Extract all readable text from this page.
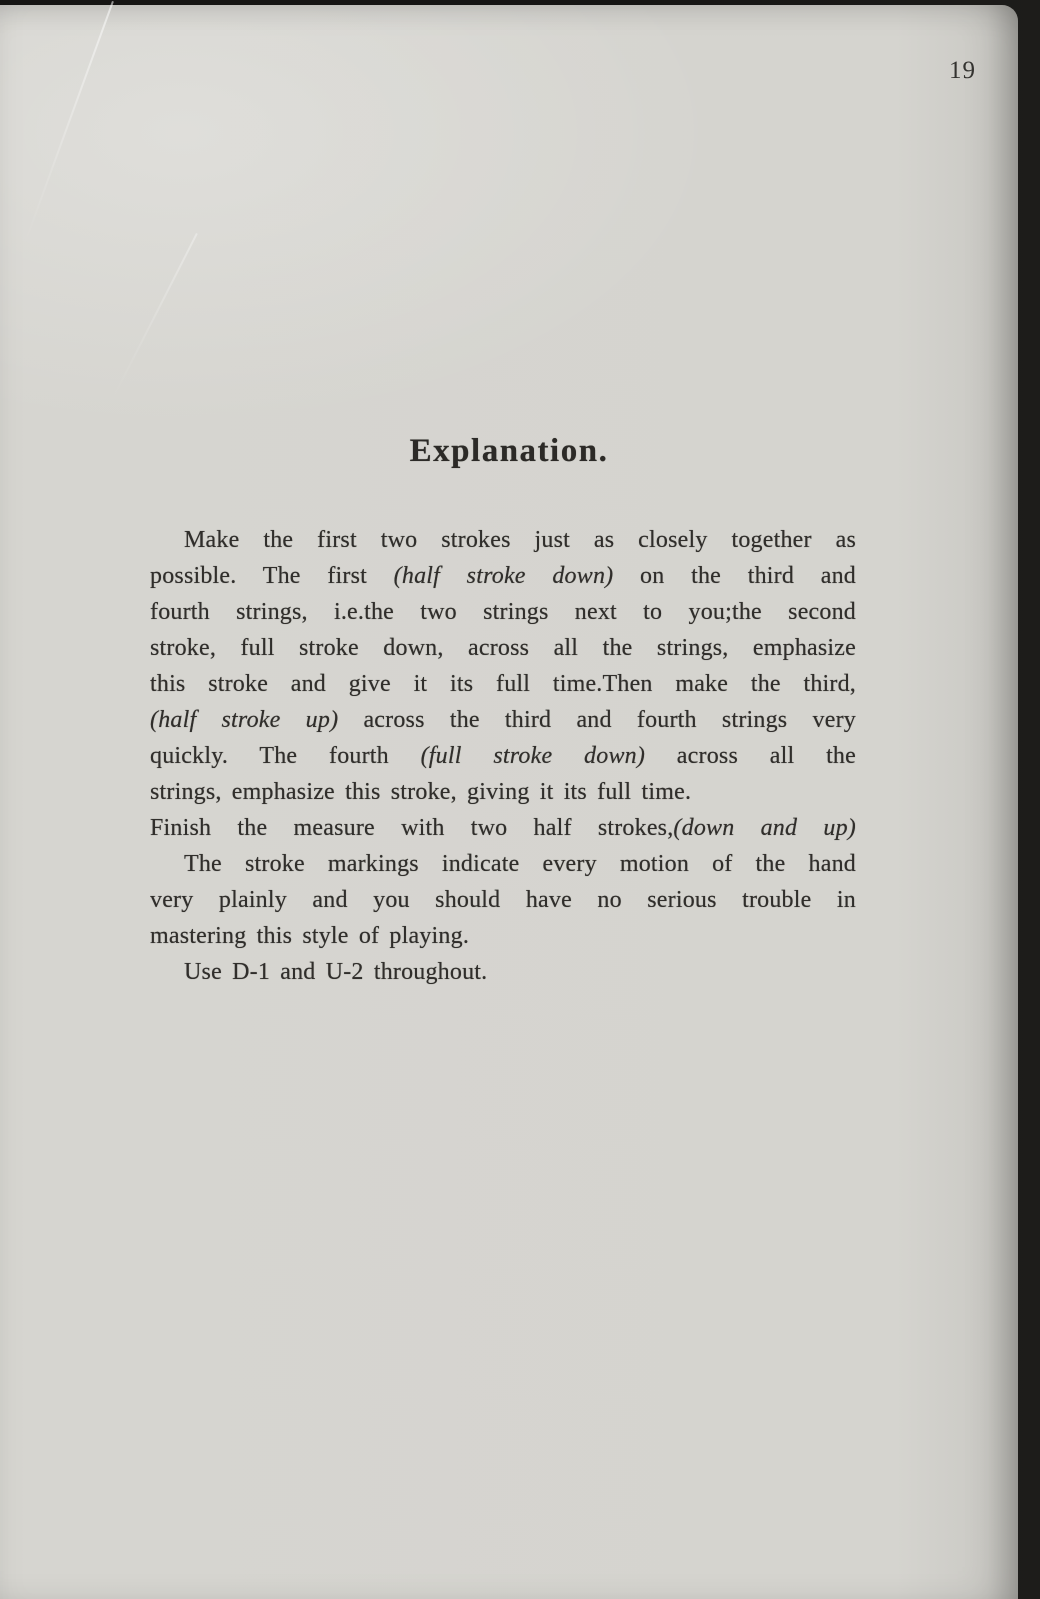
19
Explanation.
Make the first two strokes just as closely together as
possible. The first (half stroke down) on the third and
fourth strings, i.e.the two strings next to you;the second
stroke, full stroke down, across all the strings, emphasize
this stroke and give it its full time.Then make the third,
(half stroke up) across the third and fourth strings very
quickly. The fourth (full stroke down) across all the
strings, emphasize this stroke, giving it its full time.
Finish the measure with two half strokes,(down and up)
The stroke markings indicate every motion of the hand
very plainly and you should have no serious trouble in
mastering this style of playing.
Use D-1 and U-2 throughout.
